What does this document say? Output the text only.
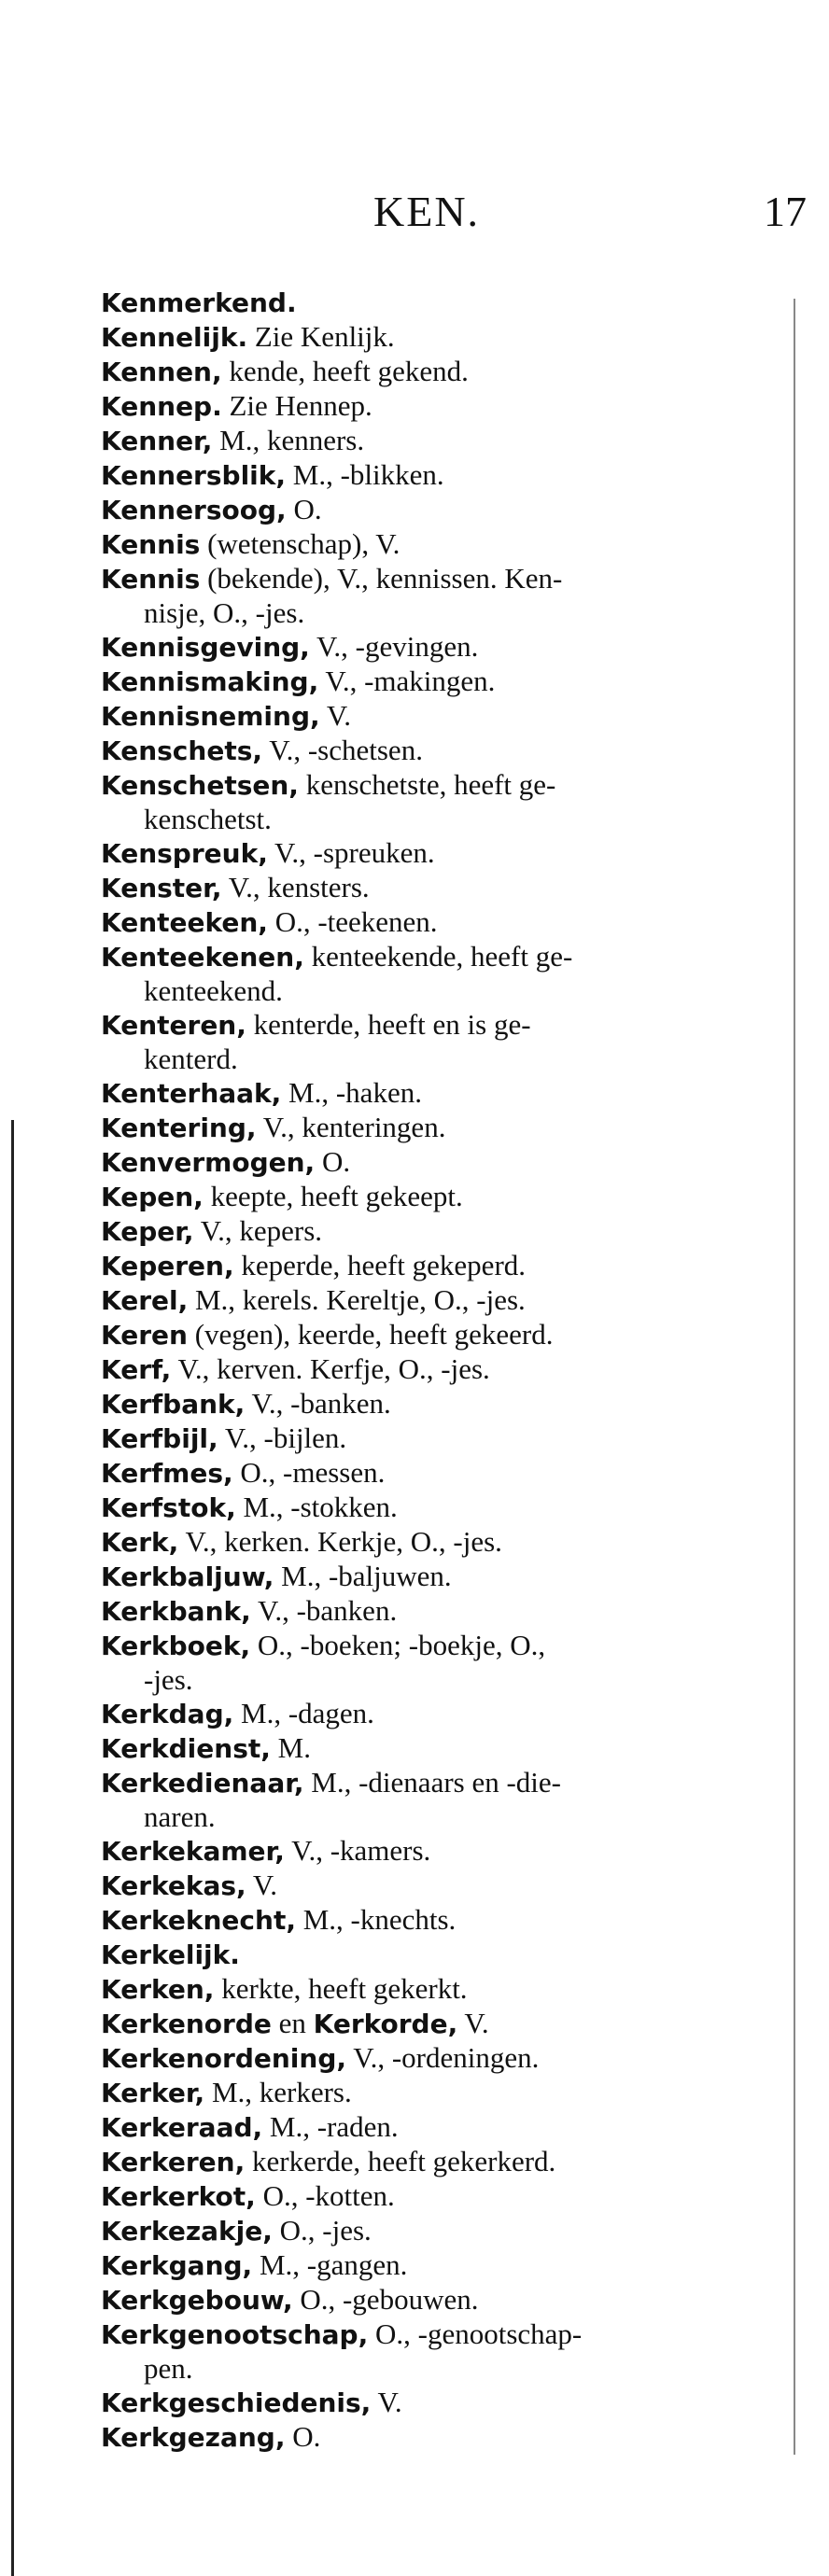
KEN.	17
Kenmerkend.
Kennelijk. Zie Kenlijk.
Kennen, kende, heeft gekend.
Kennep. Zie Hennep.
Kenner, M., kenners.
Kennersblik, M., -blikken.
Kennersoog, O.
Kennis (wetenschap), V.
Kennis (bekende), V., kennissen. Ken-
nisje, O., -jes.
Kennisgeving, V., -gevingen.
Kennismaking, V., -makingen.
Kennisneming, V.
Kenschets, V., -schetsen.
Kenschetsen, kenschetste, heeft ge-
kenschetst.
Kenspreuk, V., -spreuken.
Kenster, V., kensters.
Kenteeken, O., -teekenen.
Kenteekenen, kenteekende, heeft ge-
kenteekend.
Kenteren, kenterde, heeft en is ge-
kenterd.
Kenterhaak, M., -haken.
Kentering, V., kenteringen.
Kenvermogen, O.
Kepen, keepte, heeft gekeept.
Keper, V., kepers.
Keperen, keperde, heeft gekeperd.
Kerel, M., kerels. Kereltje, O., -jes.
Keren (vegen), keerde, heeft gekeerd.
Kerf, V., kerven. Kerfje, O., -jes.
Kerfbank, V., -banken.
Kerfbijl, V., -bijlen.
Kerfmes, O., -messen.
Kerfstok, M., -stokken.
Kerk, V., kerken. Kerkje, O., -jes.
Kerkbaljuw, M., -baljuwen.
Kerkbank, V., -banken.
Kerkboek, O., -boeken; -boekje, O.,
-jes.
Kerkdag, M., -dagen.
Kerkdienst, M.
Kerkedienaar, M., -dienaars en -die-
naren.
Kerkekamer, V., -kamers.
Kerkekas, V.
Kerkeknecht, M., -knechts.
Kerkelijk.
Kerken, kerkte, heeft gekerkt.
Kerkenorde en Kerkorde, V.
Kerkenordening, V., -ordeningen.
Kerker, M., kerkers.
Kerkeraad, M., -raden.
Kerkeren, kerkerde, heeft gekerkerd.
Kerkerkot, O., -kotten.
Kerkezakje, O., -jes.
Kerkgang, M., -gangen.
Kerkgebouw, O., -gebouwen.
Kerkgenootschap, O., -genootschap-
pen.
Kerkgeschiedenis, V.
Kerkgezang, O.
